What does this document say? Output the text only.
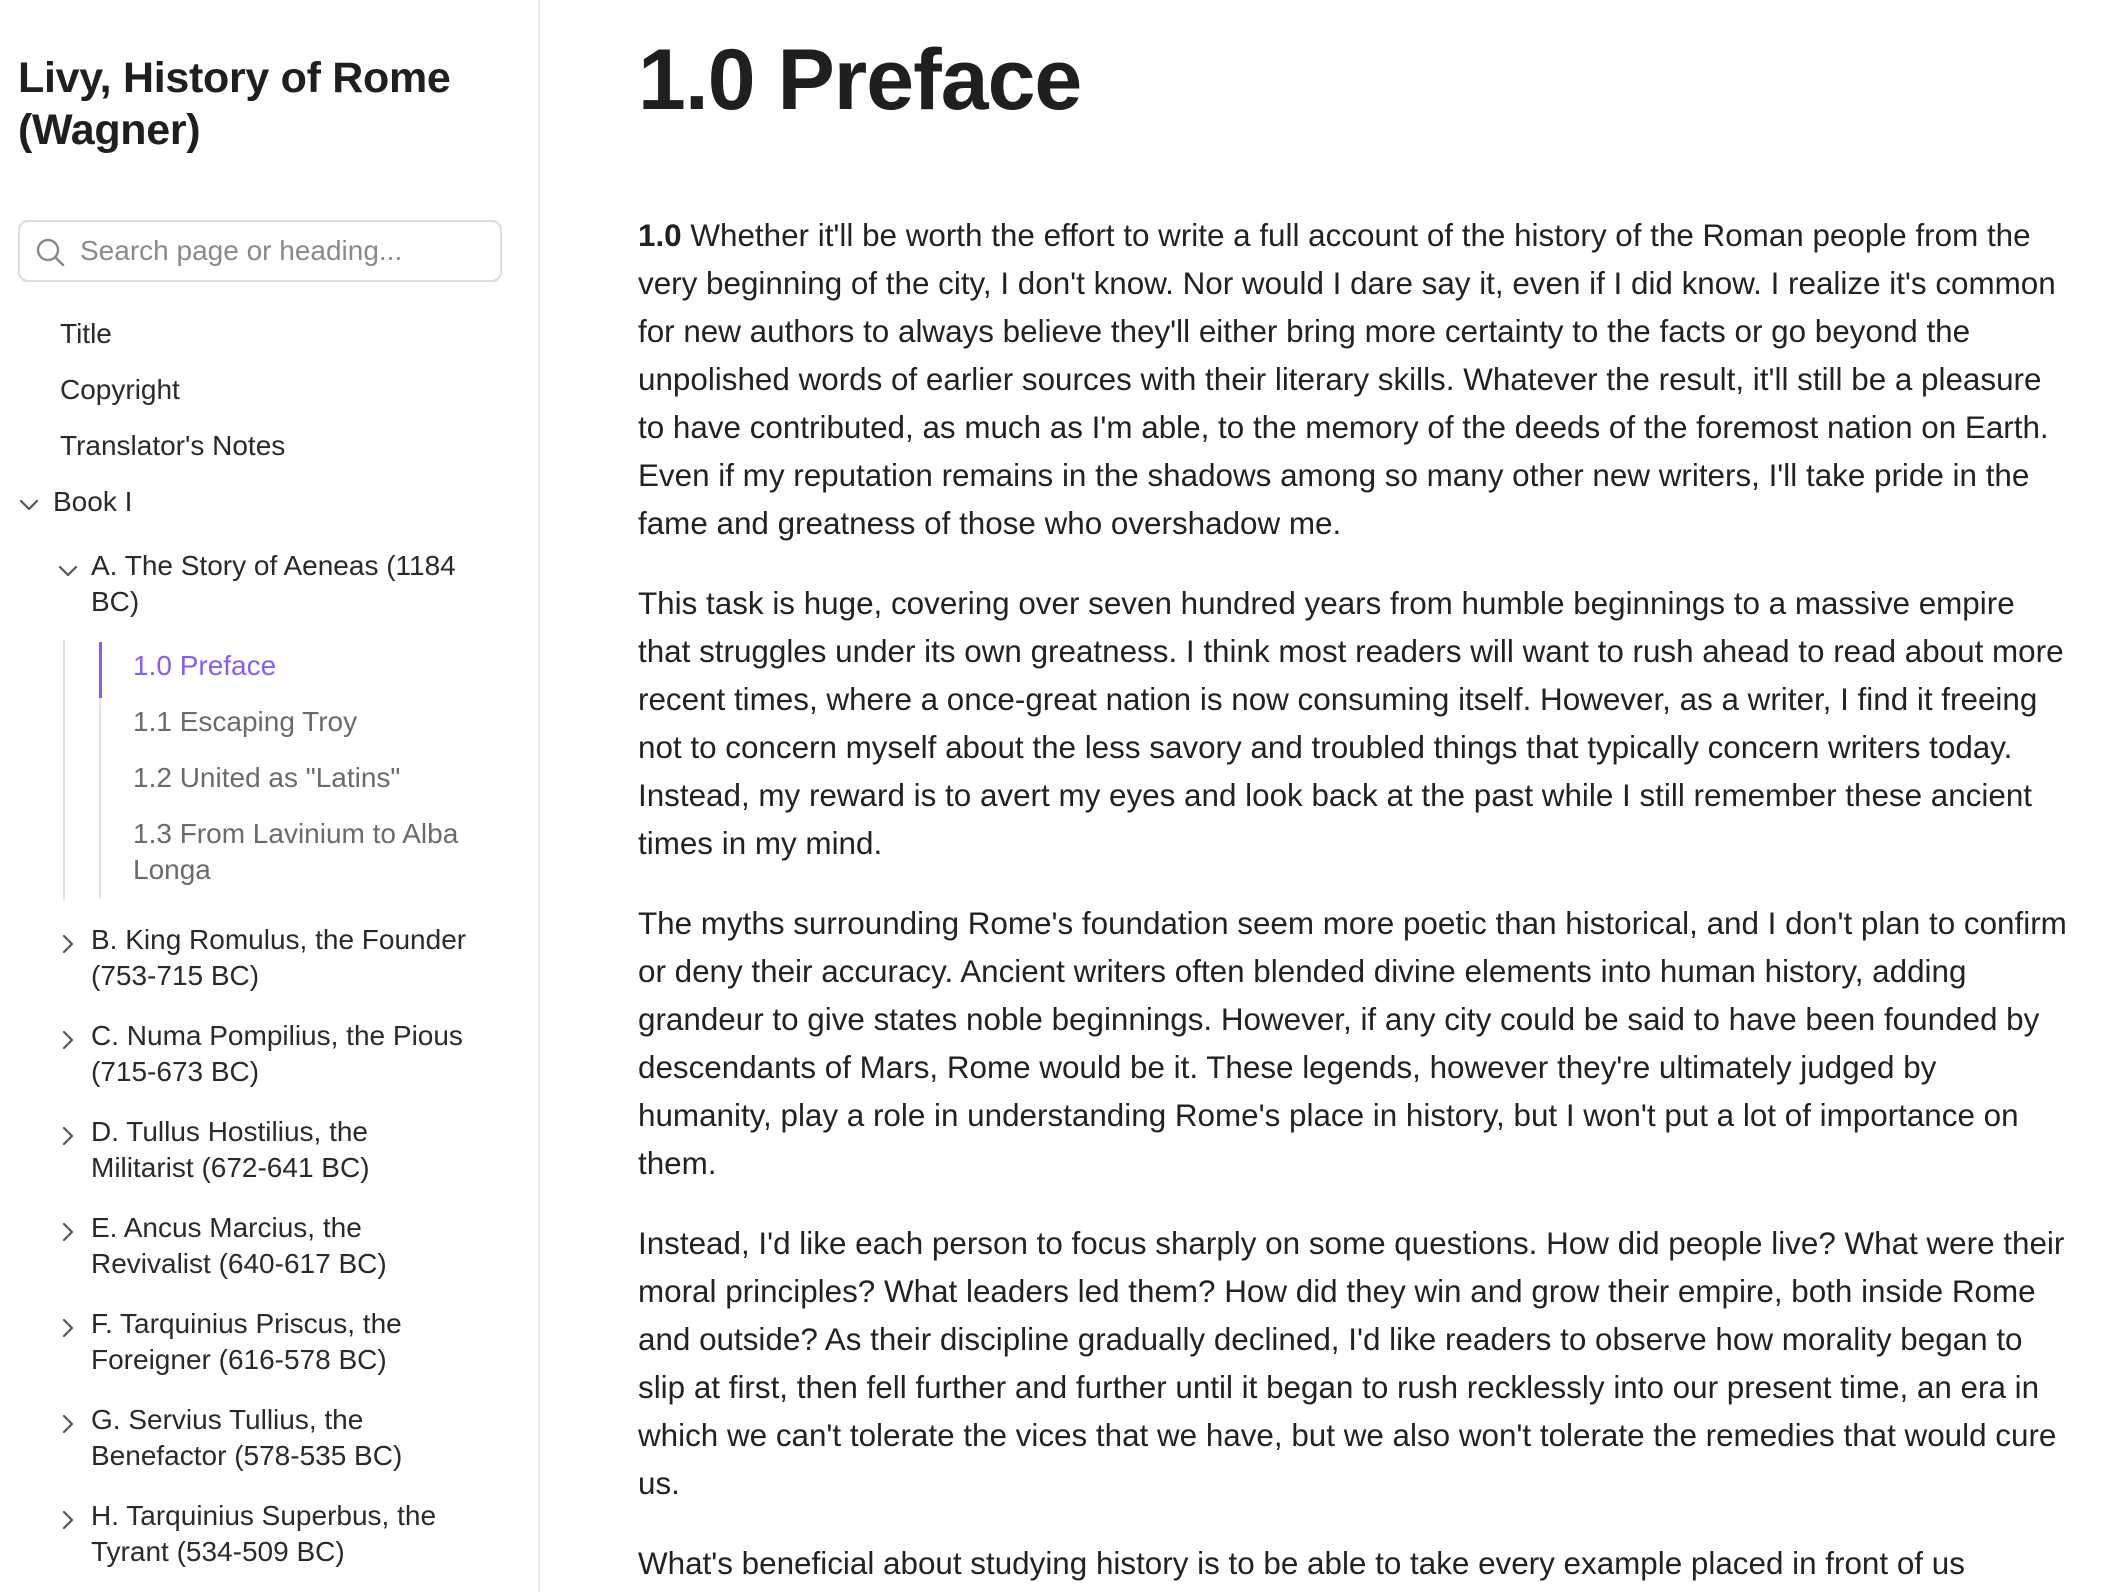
Livy, History of Rome (Wagner)
Search page or heading...
Title
Copyright
Translator's Notes
Book I
A. The Story of Aeneas (1184 BC)
1.0 Preface
1.1 Escaping Troy
1.2 United as "Latins"
1.3 From Lavinium to Alba Longa
B. King Romulus, the Founder (753-715 BC)
C. Numa Pompilius, the Pious (715-673 BC)
D. Tullus Hostilius, the Militarist (672-641 BC)
E. Ancus Marcius, the Revivalist (640-617 BC)
F. Tarquinius Priscus, the Foreigner (616-578 BC)
G. Servius Tullius, the Benefactor (578-535 BC)
H. Tarquinius Superbus, the Tyrant (534-509 BC)
1.0 Preface

1.0 Whether it'll be worth the effort to write a full account of the history of the Roman people from the very beginning of the city, I don't know. Nor would I dare say it, even if I did know. I realize it's common for new authors to always believe they'll either bring more certainty to the facts or go beyond the unpolished words of earlier sources with their literary skills. Whatever the result, it'll still be a pleasure to have contributed, as much as I'm able, to the memory of the deeds of the foremost nation on Earth. Even if my reputation remains in the shadows among so many other new writers, I'll take pride in the fame and greatness of those who overshadow me.

This task is huge, covering over seven hundred years from humble beginnings to a massive empire that struggles under its own greatness. I think most readers will want to rush ahead to read about more recent times, where a once-great nation is now consuming itself. However, as a writer, I find it freeing not to concern myself about the less savory and troubled things that typically concern writers today. Instead, my reward is to avert my eyes and look back at the past while I still remember these ancient times in my mind.

The myths surrounding Rome's foundation seem more poetic than historical, and I don't plan to confirm or deny their accuracy. Ancient writers often blended divine elements into human history, adding grandeur to give states noble beginnings. However, if any city could be said to have been founded by descendants of Mars, Rome would be it. These legends, however they're ultimately judged by humanity, play a role in understanding Rome's place in history, but I won't put a lot of importance on them.

Instead, I'd like each person to focus sharply on some questions. How did people live? What were their moral principles? What leaders led them? How did they win and grow their empire, both inside Rome and outside? As their discipline gradually declined, I'd like readers to observe how morality began to slip at first, then fell further and further until it began to rush recklessly into our present time, an era in which we can't tolerate the vices that we have, but we also won't tolerate the remedies that would cure us.

What's beneficial about studying history is to be able to take every example placed in front of us
